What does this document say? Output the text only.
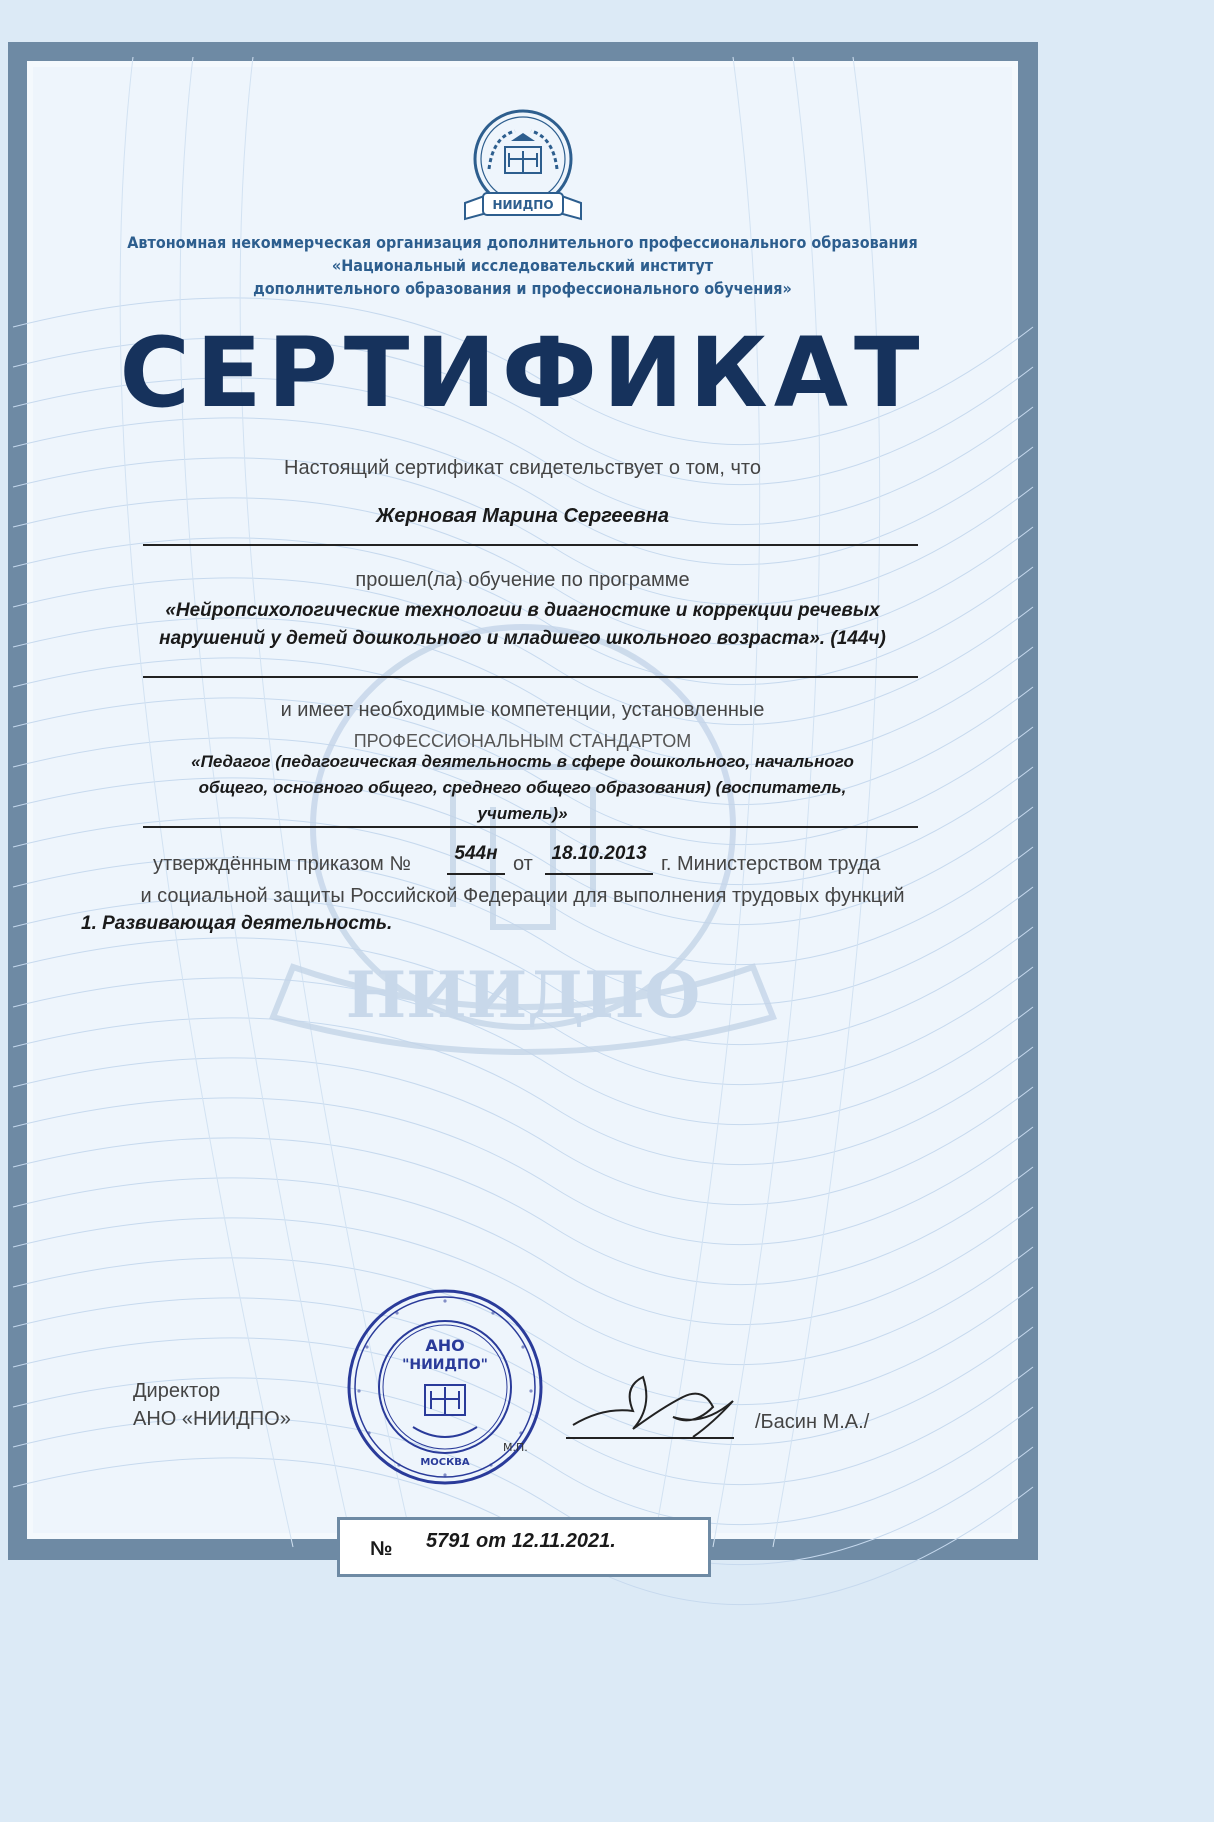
НИИДПО
НИИДПО
Автономная некоммерческая организация дополнительного профессионального образования
«Национальный исследовательский институт
дополнительного образования и профессионального обучения»
СЕРТИФИКАТ
Настоящий сертификат свидетельствует о том, что
Жерновая Марина Сергеевна
прошел(ла) обучение по программе
«Нейропсихологические технологии в диагностике и коррекции речевых
нарушений у детей дошкольного и младшего школьного возраста». (144ч)
и имеет необходимые компетенции, установленные
ПРОФЕССИОНАЛЬНЫМ СТАНДАРТОМ
«Педагог (педагогическая деятельность в сфере дошкольного, начального
общего, основного общего, среднего общего образования) (воспитатель,
учитель)»
утверждённым приказом №	544н от 18.10.2013 г. Министерством труда
и социальной защиты Российской Федерации для выполнения трудовых функций
1. Развивающая деятельность.
АНО
"НИИДПО"
МОСКВА
М.П.
Директор
АНО «НИИДПО»	/Басин М.А./
№ 5791 от 12.11.2021.
